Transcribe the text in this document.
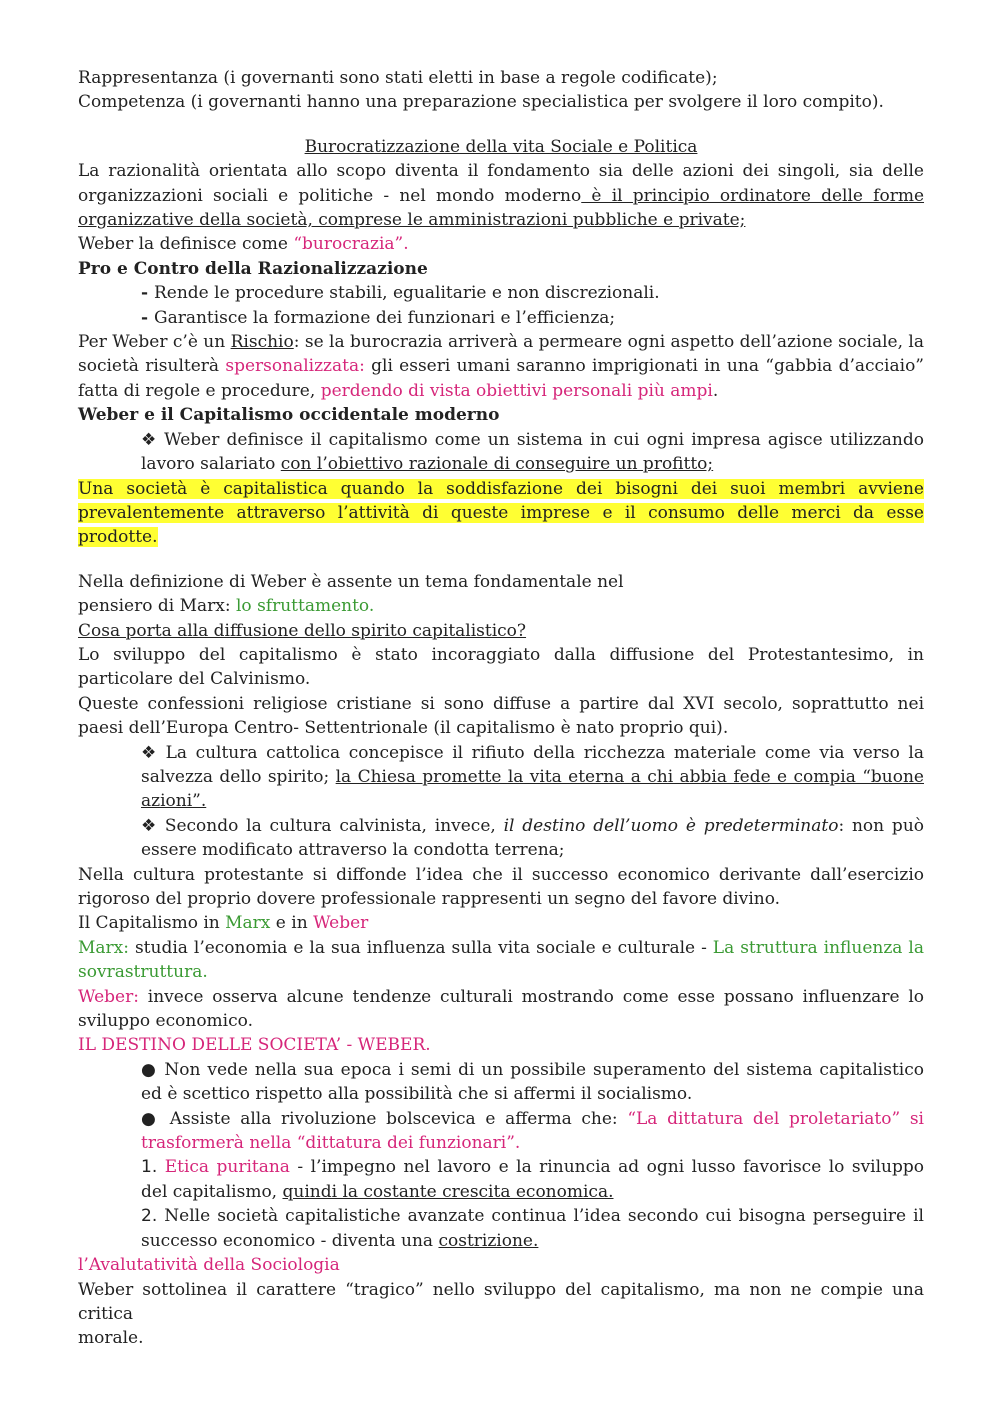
Rappresentanza (i governanti sono stati eletti in base a regole codificate);

Competenza (i governanti hanno una preparazione specialistica per svolgere il loro compito).

Burocratizzazione della vita Sociale e Politica

La razionalità orientata allo scopo diventa il fondamento sia delle azioni dei singoli, sia delle organizzazioni sociali e politiche - nel mondo moderno è il principio ordinatore delle forme organizzative della società, comprese le amministrazioni pubbliche e private;

Weber la definisce come “burocrazia”.

Pro e Contro della Razionalizzazione

- Rende le procedure stabili, egualitarie e non discrezionali.

- Garantisce la formazione dei funzionari e l’efficienza;

Per Weber c’è un Rischio: se la burocrazia arriverà a permeare ogni aspetto dell’azione sociale, la società risulterà spersonalizzata: gli esseri umani saranno imprigionati in una “gabbia d’acciaio” fatta di regole e procedure, perdendo di vista obiettivi personali più ampi.

Weber e il Capitalismo occidentale moderno

❖ Weber definisce il capitalismo come un sistema in cui ogni impresa agisce utilizzando lavoro salariato con l’obiettivo razionale di conseguire un profitto;

Una società è capitalistica quando la soddisfazione dei bisogni dei suoi membri avviene prevalentemente attraverso l’attività di queste imprese e il consumo delle merci da esse prodotte.

Nella definizione di Weber è assente un tema fondamentale nel

pensiero di Marx: lo sfruttamento.

Cosa porta alla diffusione dello spirito capitalistico?

Lo sviluppo del capitalismo è stato incoraggiato dalla diffusione del Protestantesimo, in particolare del Calvinismo.

Queste confessioni religiose cristiane si sono diffuse a partire dal XVI secolo, soprattutto nei paesi dell’Europa Centro- Settentrionale (il capitalismo è nato proprio qui).

❖ La cultura cattolica concepisce il rifiuto della ricchezza materiale come via verso la salvezza dello spirito; la Chiesa promette la vita eterna a chi abbia fede e compia “buone azioni”.

❖ Secondo la cultura calvinista, invece, il destino dell’uomo è predeterminato: non può essere modificato attraverso la condotta terrena;

Nella cultura protestante si diffonde l’idea che il successo economico derivante dall’esercizio rigoroso del proprio dovere professionale rappresenti un segno del favore divino.

Il Capitalismo in Marx e in Weber

Marx: studia l’economia e la sua influenza sulla vita sociale e culturale - La struttura influenza la sovrastruttura.

Weber: invece osserva alcune tendenze culturali mostrando come esse possano influenzare lo sviluppo economico.

IL DESTINO DELLE SOCIETA’ - WEBER.

● Non vede nella sua epoca i semi di un possibile superamento del sistema capitalistico ed è scettico rispetto alla possibilità che si affermi il socialismo.

● Assiste alla rivoluzione bolscevica e afferma che: “La dittatura del proletariato” si trasformerà nella “dittatura dei funzionari”.

1. Etica puritana - l’impegno nel lavoro e la rinuncia ad ogni lusso favorisce lo sviluppo del capitalismo, quindi la costante crescita economica.

2. Nelle società capitalistiche avanzate continua l’idea secondo cui bisogna perseguire il successo economico - diventa una costrizione.

l’Avalutatività della Sociologia

Weber sottolinea il carattere “tragico” nello sviluppo del capitalismo, ma non ne compie una critica

morale.
